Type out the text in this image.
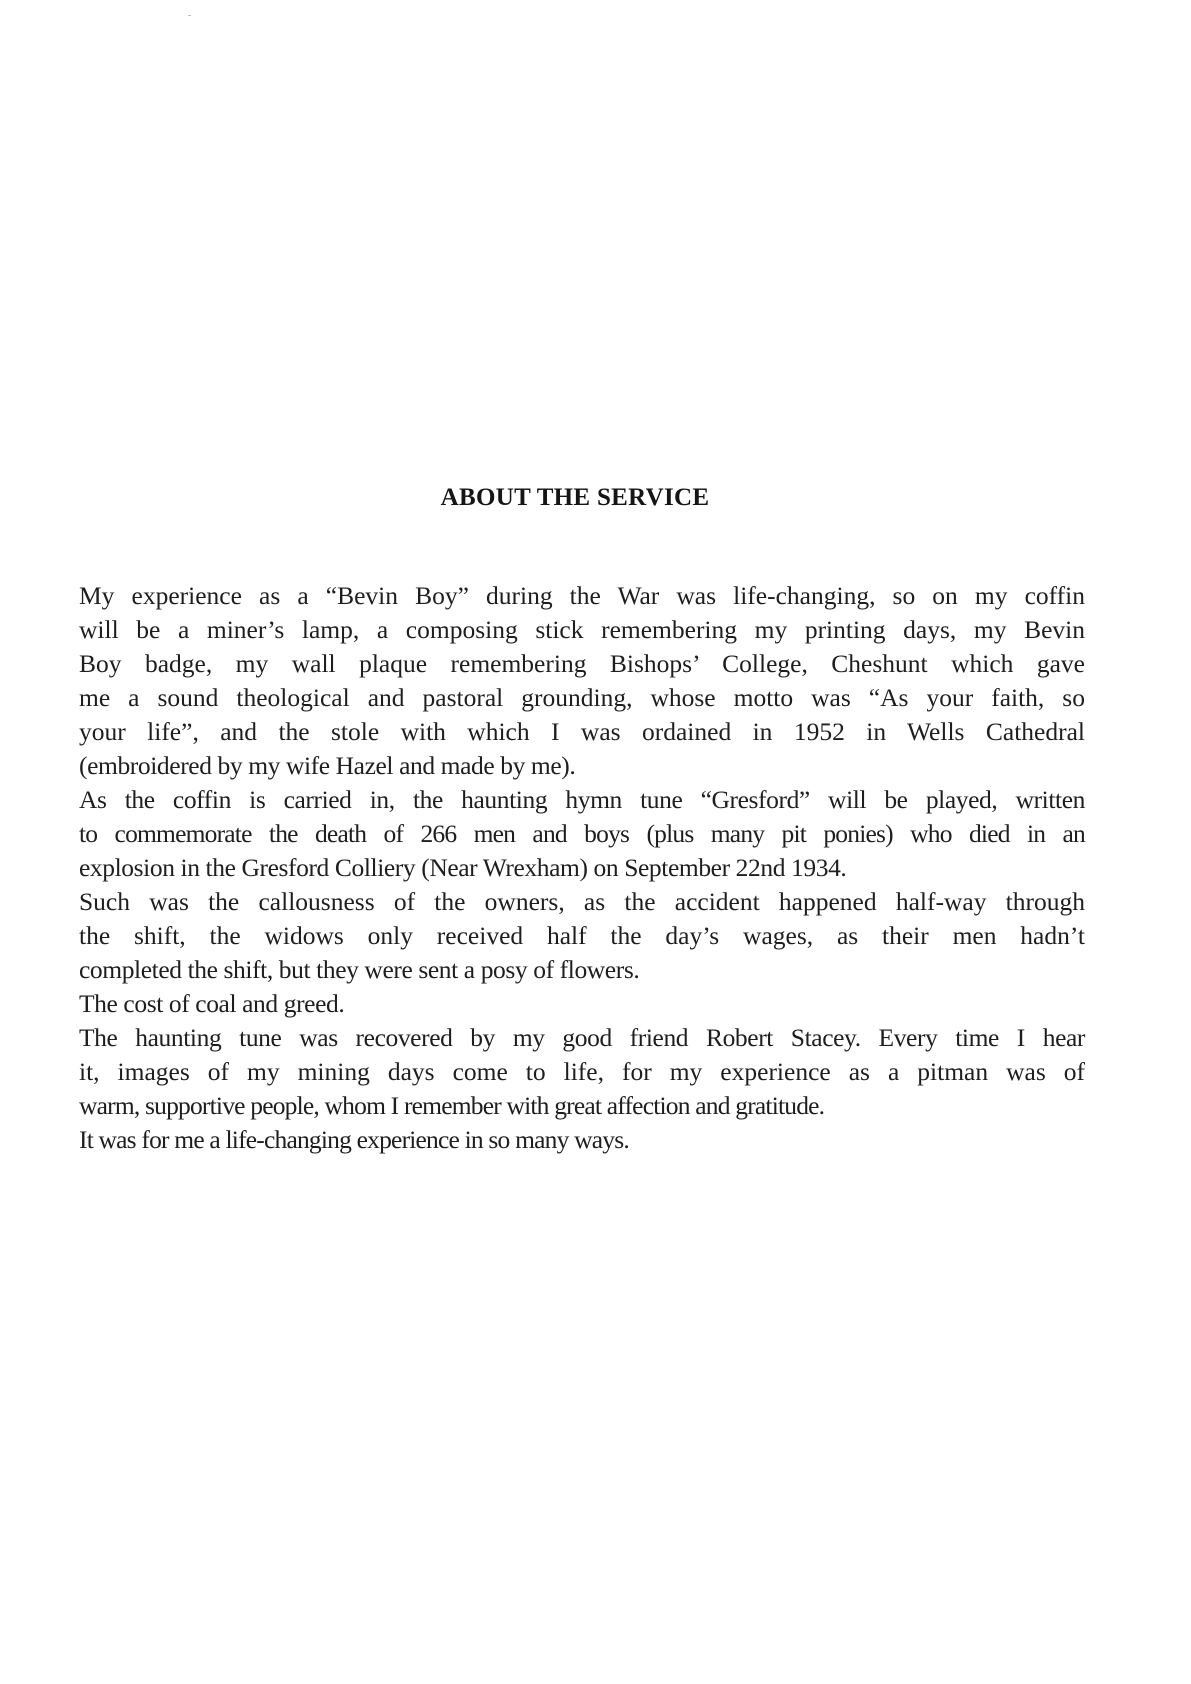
ABOUT THE SERVICE
My experience as a “Bevin Boy” during the War was life-changing, so on my coffin
will be a miner’s lamp, a composing stick remembering my printing days, my Bevin
Boy badge, my wall plaque remembering Bishops’ College, Cheshunt which gave
me a sound theological and pastoral grounding, whose motto was “As your faith, so
your life”, and the stole with which I was ordained in 1952 in Wells Cathedral
(embroidered by my wife Hazel and made by me).
As the coffin is carried in, the haunting hymn tune “Gresford” will be played, written
to commemorate the death of 266 men and boys (plus many pit ponies) who died in an
explosion in the Gresford Colliery (Near Wrexham) on September 22nd 1934.
Such was the callousness of the owners, as the accident happened half-way through
the shift, the widows only received half the day’s wages, as their men hadn’t
completed the shift, but they were sent a posy of flowers.
The cost of coal and greed.
The haunting tune was recovered by my good friend Robert Stacey. Every time I hear
it, images of my mining days come to life, for my experience as a pitman was of
warm, supportive people, whom I remember with great affection and gratitude.
It was for me a life-changing experience in so many ways.
